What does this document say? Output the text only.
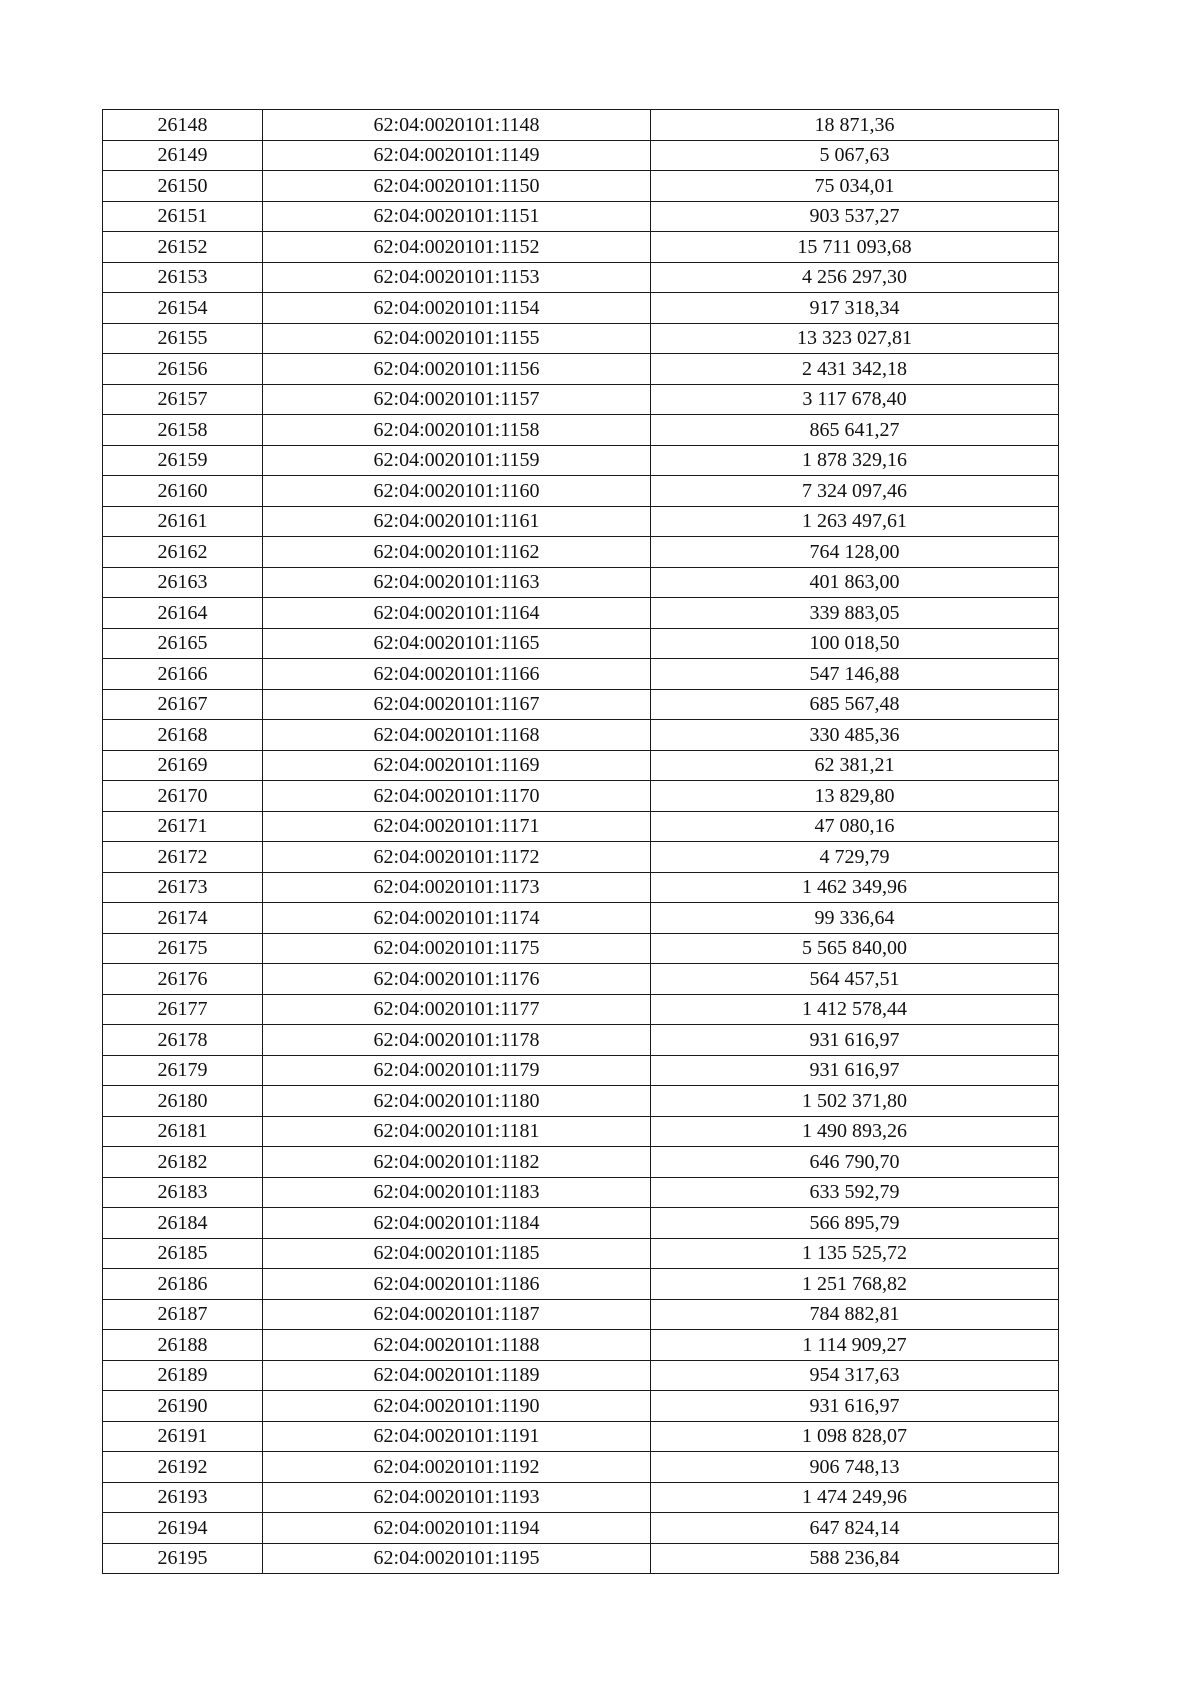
26148	62:04:0020101:1148	18 871,36
26149	62:04:0020101:1149	5 067,63
26150	62:04:0020101:1150	75 034,01
26151	62:04:0020101:1151	903 537,27
26152	62:04:0020101:1152	15 711 093,68
26153	62:04:0020101:1153	4 256 297,30
26154	62:04:0020101:1154	917 318,34
26155	62:04:0020101:1155	13 323 027,81
26156	62:04:0020101:1156	2 431 342,18
26157	62:04:0020101:1157	3 117 678,40
26158	62:04:0020101:1158	865 641,27
26159	62:04:0020101:1159	1 878 329,16
26160	62:04:0020101:1160	7 324 097,46
26161	62:04:0020101:1161	1 263 497,61
26162	62:04:0020101:1162	764 128,00
26163	62:04:0020101:1163	401 863,00
26164	62:04:0020101:1164	339 883,05
26165	62:04:0020101:1165	100 018,50
26166	62:04:0020101:1166	547 146,88
26167	62:04:0020101:1167	685 567,48
26168	62:04:0020101:1168	330 485,36
26169	62:04:0020101:1169	62 381,21
26170	62:04:0020101:1170	13 829,80
26171	62:04:0020101:1171	47 080,16
26172	62:04:0020101:1172	4 729,79
26173	62:04:0020101:1173	1 462 349,96
26174	62:04:0020101:1174	99 336,64
26175	62:04:0020101:1175	5 565 840,00
26176	62:04:0020101:1176	564 457,51
26177	62:04:0020101:1177	1 412 578,44
26178	62:04:0020101:1178	931 616,97
26179	62:04:0020101:1179	931 616,97
26180	62:04:0020101:1180	1 502 371,80
26181	62:04:0020101:1181	1 490 893,26
26182	62:04:0020101:1182	646 790,70
26183	62:04:0020101:1183	633 592,79
26184	62:04:0020101:1184	566 895,79
26185	62:04:0020101:1185	1 135 525,72
26186	62:04:0020101:1186	1 251 768,82
26187	62:04:0020101:1187	784 882,81
26188	62:04:0020101:1188	1 114 909,27
26189	62:04:0020101:1189	954 317,63
26190	62:04:0020101:1190	931 616,97
26191	62:04:0020101:1191	1 098 828,07
26192	62:04:0020101:1192	906 748,13
26193	62:04:0020101:1193	1 474 249,96
26194	62:04:0020101:1194	647 824,14
26195	62:04:0020101:1195	588 236,84
